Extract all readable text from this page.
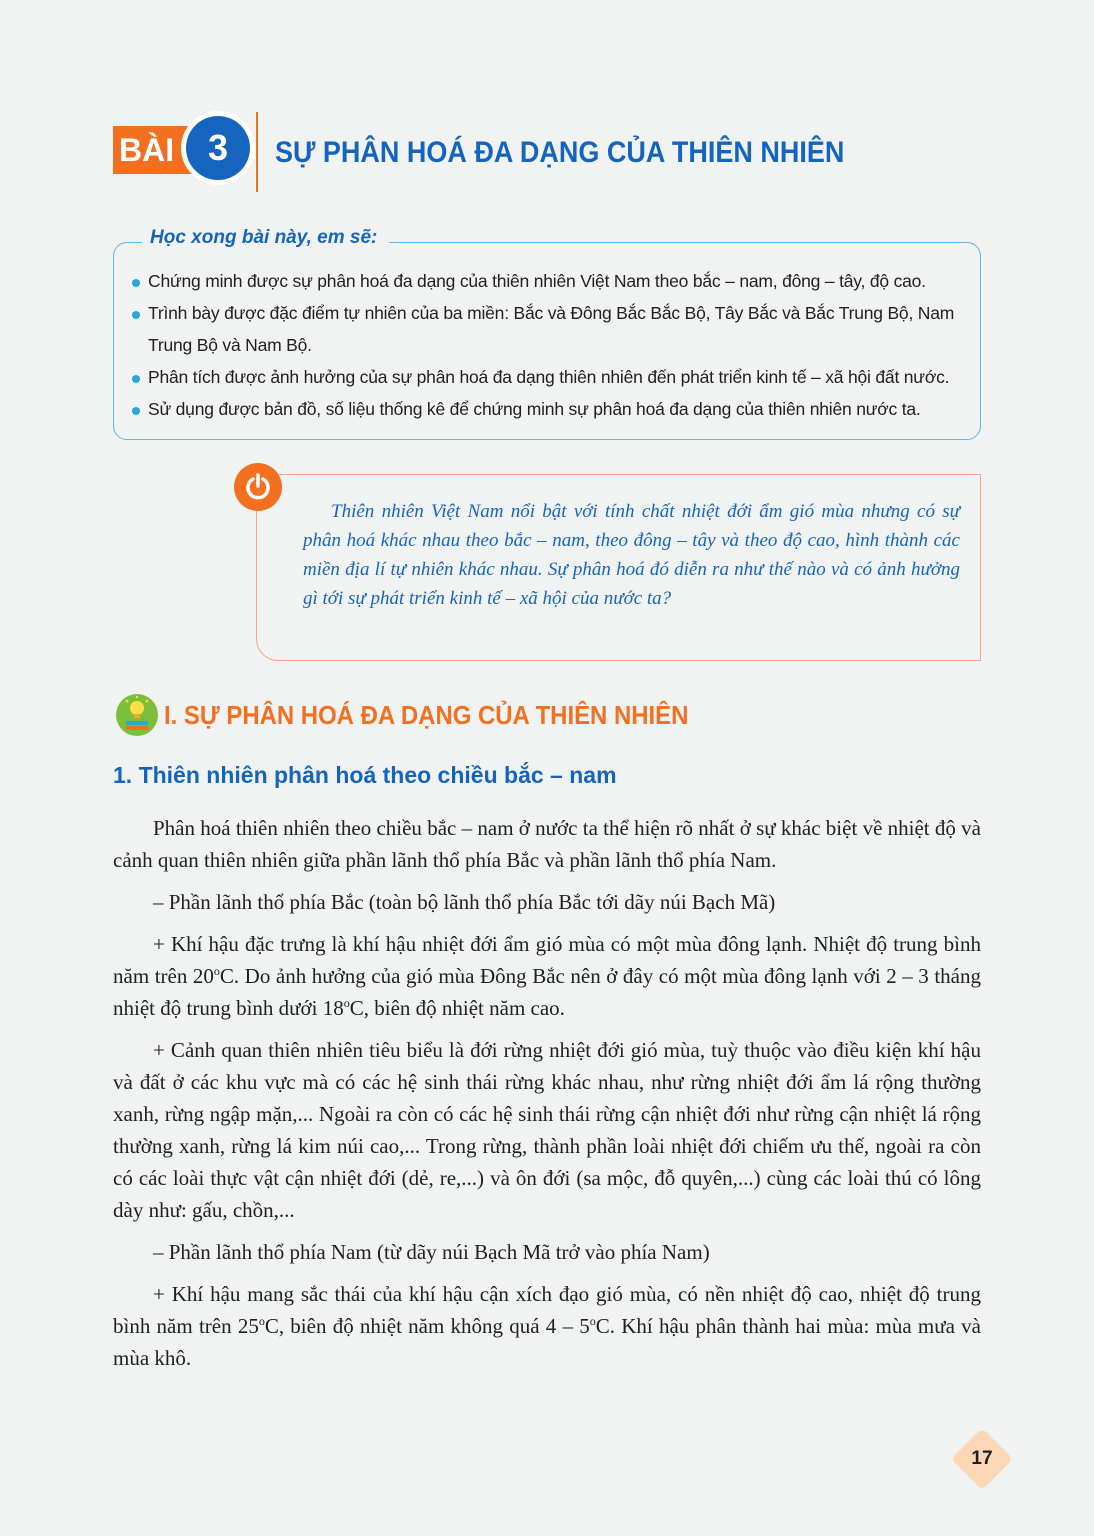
BÀI 3	SỰ PHÂN HOÁ ĐA DẠNG CỦA THIÊN NHIÊN
Học xong bài này, em sẽ:
Chứng minh được sự phân hoá đa dạng của thiên nhiên Việt Nam theo bắc – nam, đông – tây, độ cao.
Trình bày được đặc điểm tự nhiên của ba miền: Bắc và Đông Bắc Bắc Bộ, Tây Bắc và Bắc Trung Bộ, Nam Trung Bộ và Nam Bộ.
Phân tích được ảnh hưởng của sự phân hoá đa dạng thiên nhiên đến phát triển kinh tế – xã hội đất nước.
Sử dụng được bản đồ, số liệu thống kê để chứng minh sự phân hoá đa dạng của thiên nhiên nước ta.

Thiên nhiên Việt Nam nổi bật với tính chất nhiệt đới ẩm gió mùa nhưng có sự phân hoá khác nhau theo bắc – nam, theo đông – tây và theo độ cao, hình thành các miền địa lí tự nhiên khác nhau. Sự phân hoá đó diễn ra như thế nào và có ảnh hưởng gì tới sự phát triển kinh tế – xã hội của nước ta?

I. SỰ PHÂN HOÁ ĐA DẠNG CỦA THIÊN NHIÊN
1. Thiên nhiên phân hoá theo chiều bắc – nam

Phân hoá thiên nhiên theo chiều bắc – nam ở nước ta thể hiện rõ nhất ở sự khác biệt về nhiệt độ và cảnh quan thiên nhiên giữa phần lãnh thổ phía Bắc và phần lãnh thổ phía Nam.

– Phần lãnh thổ phía Bắc (toàn bộ lãnh thổ phía Bắc tới dãy núi Bạch Mã)

+ Khí hậu đặc trưng là khí hậu nhiệt đới ẩm gió mùa có một mùa đông lạnh. Nhiệt độ trung bình năm trên 20$^o$C. Do ảnh hưởng của gió mùa Đông Bắc nên ở đây có một mùa đông lạnh với 2 – 3 tháng nhiệt độ trung bình dưới 18$^o$C, biên độ nhiệt năm cao.

+ Cảnh quan thiên nhiên tiêu biểu là đới rừng nhiệt đới gió mùa, tuỳ thuộc vào điều kiện khí hậu và đất ở các khu vực mà có các hệ sinh thái rừng khác nhau, như rừng nhiệt đới ẩm lá rộng thường xanh, rừng ngập mặn,... Ngoài ra còn có các hệ sinh thái rừng cận nhiệt đới như rừng cận nhiệt lá rộng thường xanh, rừng lá kim núi cao,... Trong rừng, thành phần loài nhiệt đới chiếm ưu thế, ngoài ra còn có các loài thực vật cận nhiệt đới (dẻ, re,...) và ôn đới (sa mộc, đỗ quyên,...) cùng các loài thú có lông dày như: gấu, chồn,...

– Phần lãnh thổ phía Nam (từ dãy núi Bạch Mã trở vào phía Nam)

+ Khí hậu mang sắc thái của khí hậu cận xích đạo gió mùa, có nền nhiệt độ cao, nhiệt độ trung bình năm trên 25$^o$C, biên độ nhiệt năm không quá 4 – 5$^o$C. Khí hậu phân thành hai mùa: mùa mưa và mùa khô.

17
